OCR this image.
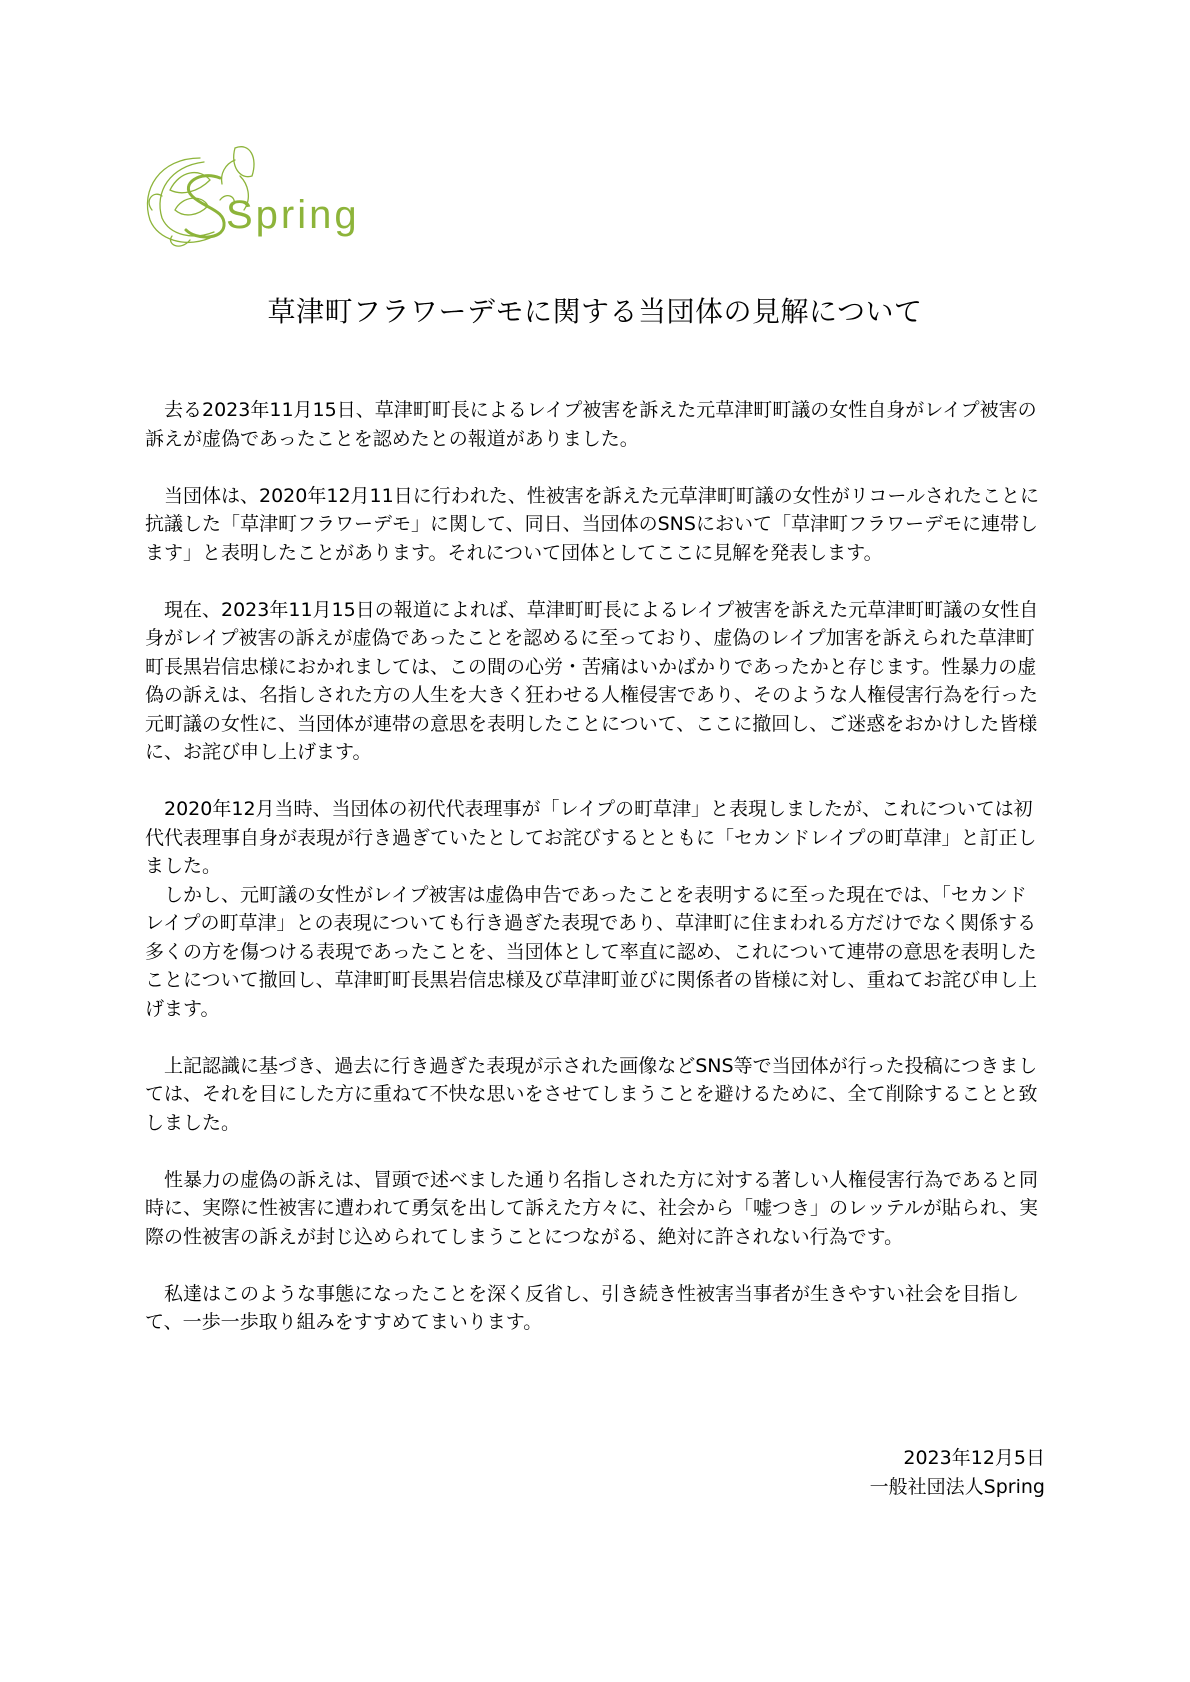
Spring
草津町フラワーデモに関する当団体の見解について

去る2023年11月15日、草津町町長によるレイプ被害を訴えた元草津町町議の女性自身がレイプ被害の訴えが虚偽であったことを認めたとの報道がありました。

当団体は、2020年12月11日に行われた、性被害を訴えた元草津町町議の女性がリコールされたことに抗議した「草津町フラワーデモ」に関して、同日、当団体のSNSにおいて「草津町フラワーデモに連帯します」と表明したことがあります。それについて団体としてここに見解を発表します。

現在、2023年11月15日の報道によれば、草津町町長によるレイプ被害を訴えた元草津町町議の女性自身がレイプ被害の訴えが虚偽であったことを認めるに至っており、虚偽のレイプ加害を訴えられた草津町町長黒岩信忠様におかれましては、この間の心労・苦痛はいかばかりであったかと存じます。性暴力の虚偽の訴えは、名指しされた方の人生を大きく狂わせる人権侵害であり、そのような人権侵害行為を行った元町議の女性に、当団体が連帯の意思を表明したことについて、ここに撤回し、ご迷惑をおかけした皆様に、お詫び申し上げます。

2020年12月当時、当団体の初代代表理事が「レイプの町草津」と表現しましたが、これについては初代代表理事自身が表現が行き過ぎていたとしてお詫びするとともに「セカンドレイプの町草津」と訂正しました。

しかし、元町議の女性がレイプ被害は虚偽申告であったことを表明するに至った現在では、「セカンドレイプの町草津」との表現についても行き過ぎた表現であり、草津町に住まわれる方だけでなく関係する多くの方を傷つける表現であったことを、当団体として率直に認め、これについて連帯の意思を表明したことについて撤回し、草津町町長黒岩信忠様及び草津町並びに関係者の皆様に対し、重ねてお詫び申し上げます。

上記認識に基づき、過去に行き過ぎた表現が示された画像などSNS等で当団体が行った投稿につきましては、それを目にした方に重ねて不快な思いをさせてしまうことを避けるために、全て削除することと致しました。

性暴力の虚偽の訴えは、冒頭で述べました通り名指しされた方に対する著しい人権侵害行為であると同時に、実際に性被害に遭われて勇気を出して訴えた方々に、社会から「嘘つき」のレッテルが貼られ、実際の性被害の訴えが封じ込められてしまうことにつながる、絶対に許されない行為です。

私達はこのような事態になったことを深く反省し、引き続き性被害当事者が生きやすい社会を目指して、一歩一歩取り組みをすすめてまいります。

2023年12月5日
一般社団法人Spring
